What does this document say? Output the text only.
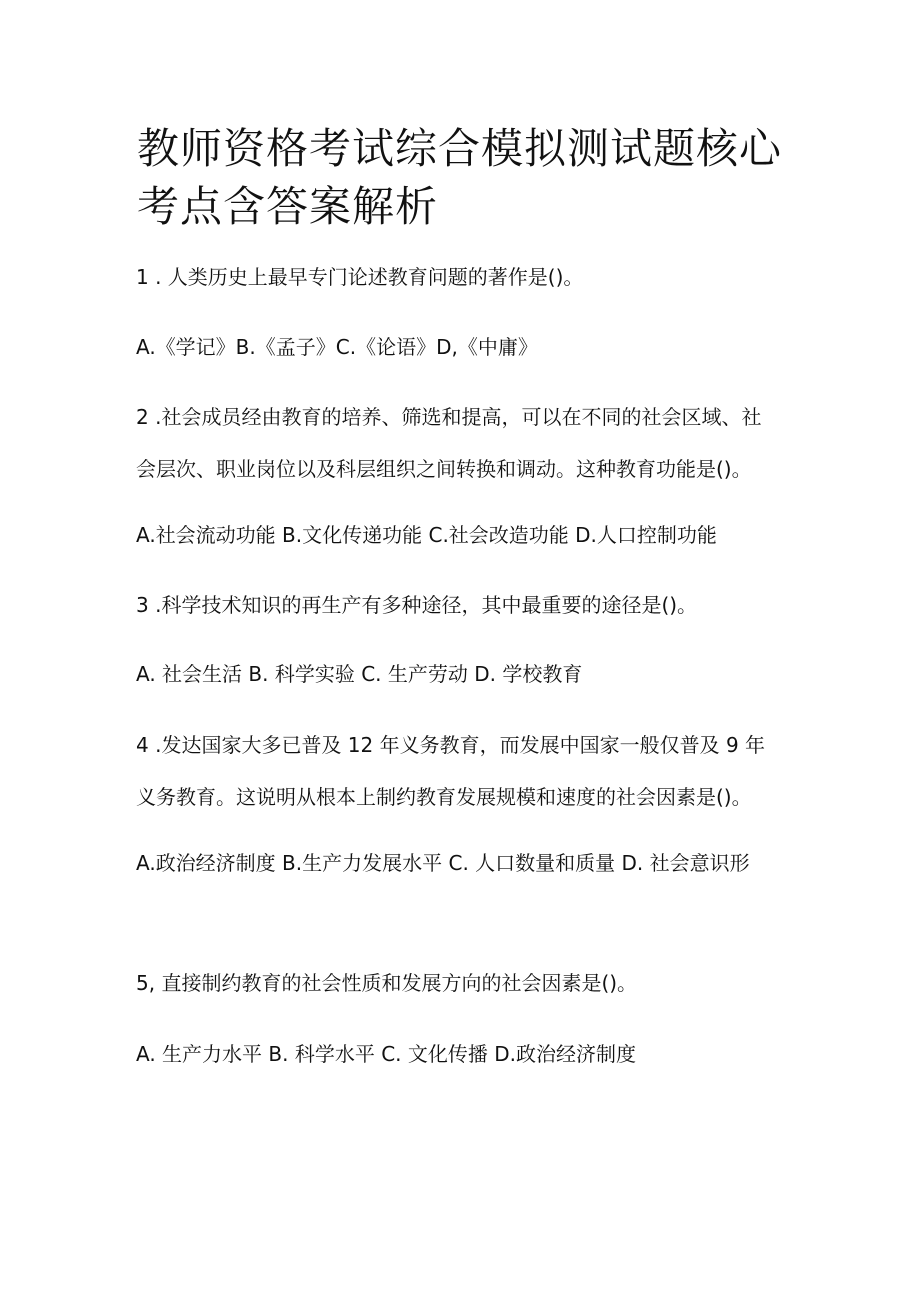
教师资格考试综合模拟测试题核心考点含答案解析

1 . 人类历史上最早专门论述教育问题的著作是()。

A.《学记》B.《孟子》C.《论语》D,《中庸》

2 .社会成员经由教育的培养、筛选和提高，可以在不同的社会区域、社

会层次、职业岗位以及科层组织之间转换和调动。这种教育功能是()。

A.社会流动功能 B.文化传递功能 C.社会改造功能 D.人口控制功能

3 .科学技术知识的再生产有多种途径，其中最重要的途径是()。

A. 社会生活 B. 科学实验 C. 生产劳动 D. 学校教育

4 .发达国家大多已普及 12 年义务教育，而发展中国家一般仅普及 9 年

义务教育。这说明从根本上制约教育发展规模和速度的社会因素是()。

A.政治经济制度 B.生产力发展水平 C. 人口数量和质量 D. 社会意识形

5, 直接制约教育的社会性质和发展方向的社会因素是()。

A. 生产力水平 B. 科学水平 C. 文化传播 D.政治经济制度
